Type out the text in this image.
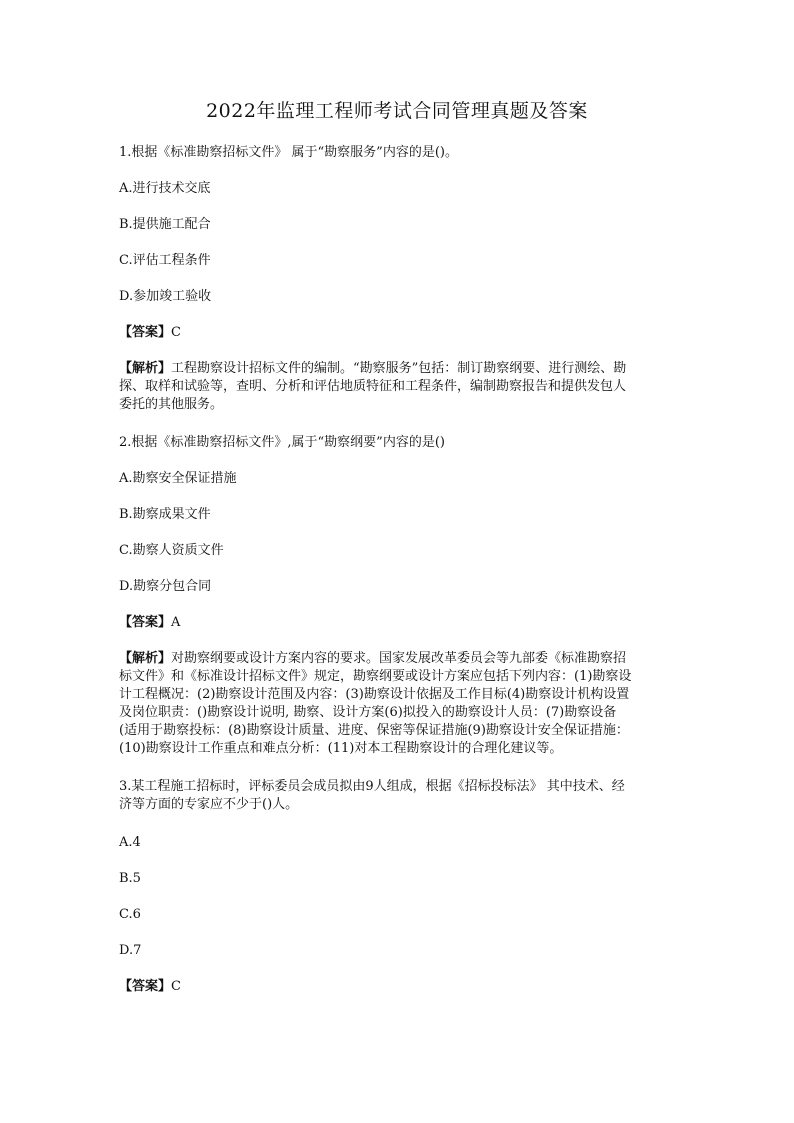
2022年监理工程师考试合同管理真题及答案
1.根据《标准勘察招标文件》 属于“勘察服务”内容的是()。
A.进行技术交底
B.提供施工配合
C.评估工程条件
D.参加竣工验收
【答案】C
【解析】工程勘察设计招标文件的编制。“勘察服务”包括：制订勘察纲要、进行测绘、勘
探、取样和试验等，查明、分析和评估地质特征和工程条件，编制勘察报告和提供发包人
委托的其他服务。
2.根据《标准勘察招标文件》,属于“勘察纲要”内容的是()
A.勘察安全保证措施
B.勘察成果文件
C.勘察人资质文件
D.勘察分包合同
【答案】A
【解析】对勘察纲要或设计方案内容的要求。国家发展改革委员会等九部委《标准勘察招
标文件》和《标准设计招标文件》规定，勘察纲要或设计方案应包括下列内容：(1)勘察设
计工程概况：(2)勘察设计范围及内容：(3)勘察设计依据及工作目标(4)勘察设计机构设置
及岗位职责：()勘察设计说明, 勘察、设计方案(6)拟投入的勘察设计人员：(7)勘察设备
(适用于勘察投标：(8)勘察设计质量、进度、保密等保证措施(9)勘察设计安全保证措施：
(10)勘察设计工作重点和难点分析：(11)对本工程勘察设计的合理化建议等。
3.某工程施工招标时，评标委员会成员拟由9人组成，根据《招标投标法》 其中技术、经
济等方面的专家应不少于()人。
A.4
B.5
C.6
D.7
【答案】C
